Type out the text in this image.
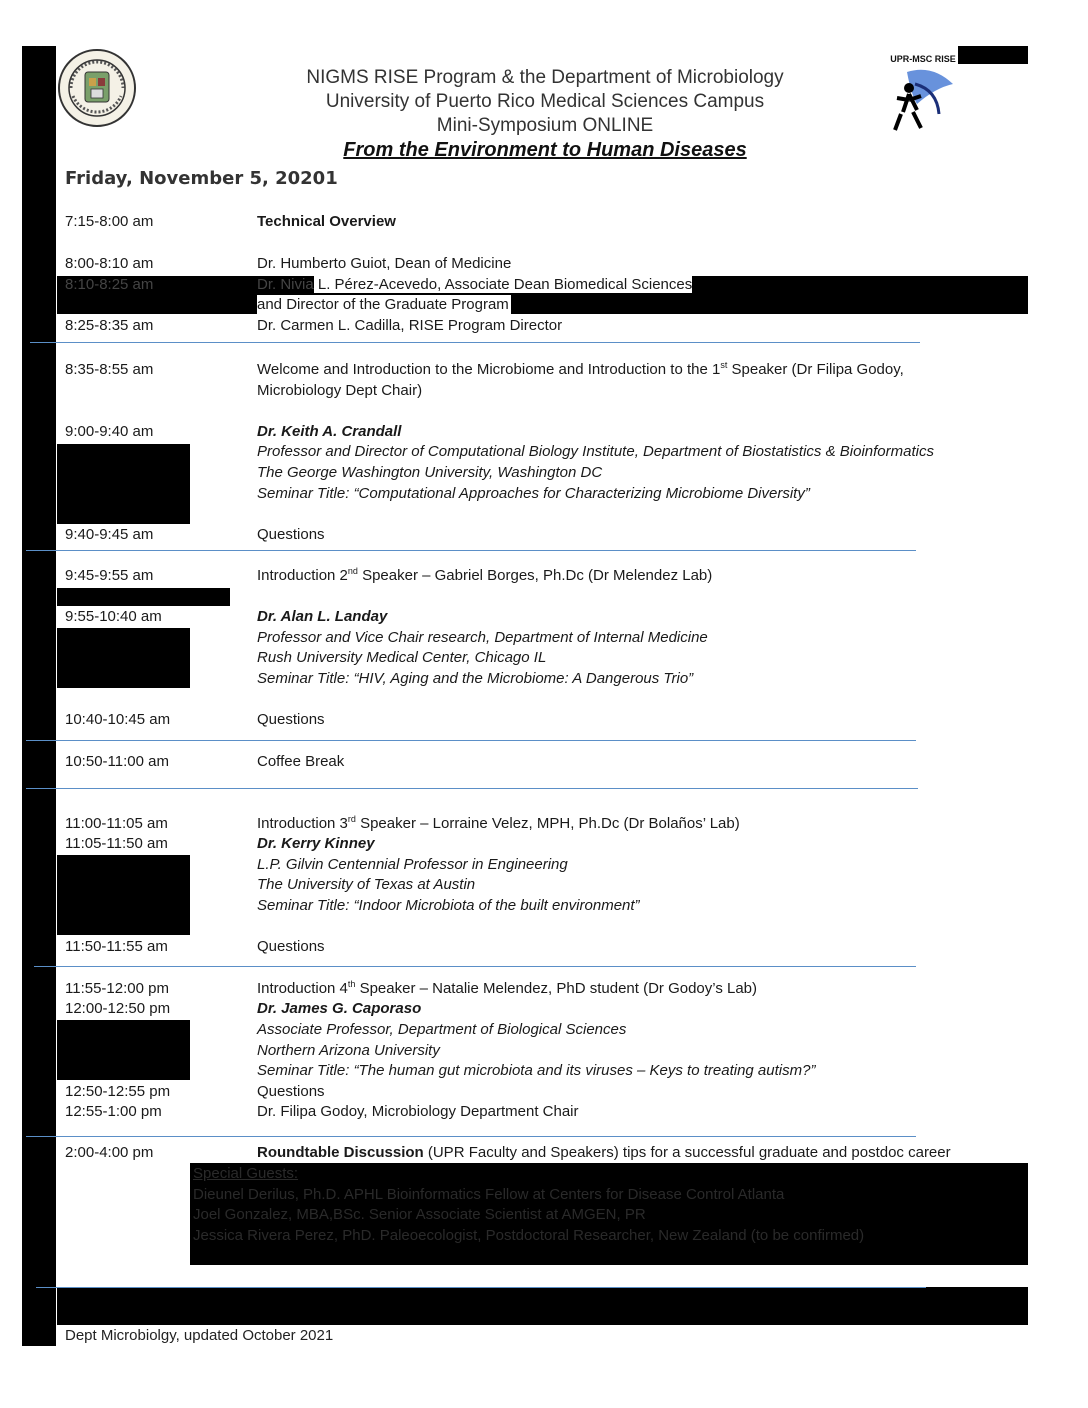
UPR-MSC RISE
NIGMS RISE Program & the Department of Microbiology
University of Puerto Rico Medical Sciences Campus
Mini-Symposium ONLINE
From the Environment to Human Diseases
Friday, November 5, 20201
7:15-8:00 am	Technical Overview
8:00-8:10 am	Dr. Humberto Guiot, Dean of Medicine
8:10-8:25 am	Dr. Nivia L. Pérez-Acevedo, Associate Dean Biomedical Sciences
and Director of the Graduate Program
8:25-8:35 am	Dr. Carmen L. Cadilla, RISE Program Director
8:35-8:55 am	Welcome and Introduction to the Microbiome and Introduction to the 1st Speaker (Dr Filipa Godoy,
Microbiology Dept Chair)
9:00-9:40 am	Dr. Keith A. Crandall
Professor and Director of Computational Biology Institute, Department of Biostatistics & Bioinformatics
The George Washington University, Washington DC
Seminar Title: “Computational Approaches for Characterizing Microbiome Diversity”
9:40-9:45 am	Questions
9:45-9:55 am	Introduction 2nd Speaker – Gabriel Borges, Ph.Dc (Dr Melendez Lab)
9:55-10:40 am	Dr. Alan L. Landay
Professor and Vice Chair research, Department of Internal Medicine
Rush University Medical Center, Chicago IL
Seminar Title: “HIV, Aging and the Microbiome: A Dangerous Trio”
10:40-10:45 am	Questions
10:50-11:00 am	Coffee Break
11:00-11:05 am	Introduction 3rd Speaker – Lorraine Velez, MPH, Ph.Dc (Dr Bolaños’ Lab)
11:05-11:50 am	Dr. Kerry Kinney
L.P. Gilvin Centennial Professor in Engineering
The University of Texas at Austin
Seminar Title: “Indoor Microbiota of the built environment”
11:50-11:55 am	Questions
11:55-12:00 pm	Introduction 4th Speaker – Natalie Melendez, PhD student (Dr Godoy’s Lab)
12:00-12:50 pm	Dr. James G. Caporaso
Associate Professor, Department of Biological Sciences
Northern Arizona University
Seminar Title: “The human gut microbiota and its viruses – Keys to treating autism?”
12:50-12:55 pm	Questions
12:55-1:00 pm	Dr. Filipa Godoy, Microbiology Department Chair
2:00-4:00 pm	Roundtable Discussion (UPR Faculty and Speakers) tips for a successful graduate and postdoc career
Special Guests:
Dieunel Derilus, Ph.D. APHL Bioinformatics Fellow at Centers for Disease Control Atlanta
Joel Gonzalez, MBA,BSc. Senior Associate Scientist at AMGEN, PR
Jessica Rivera Perez, PhD. Paleoecologist, Postdoctoral Researcher, New Zealand (to be confirmed)
Dept Microbiolgy, updated October 2021
